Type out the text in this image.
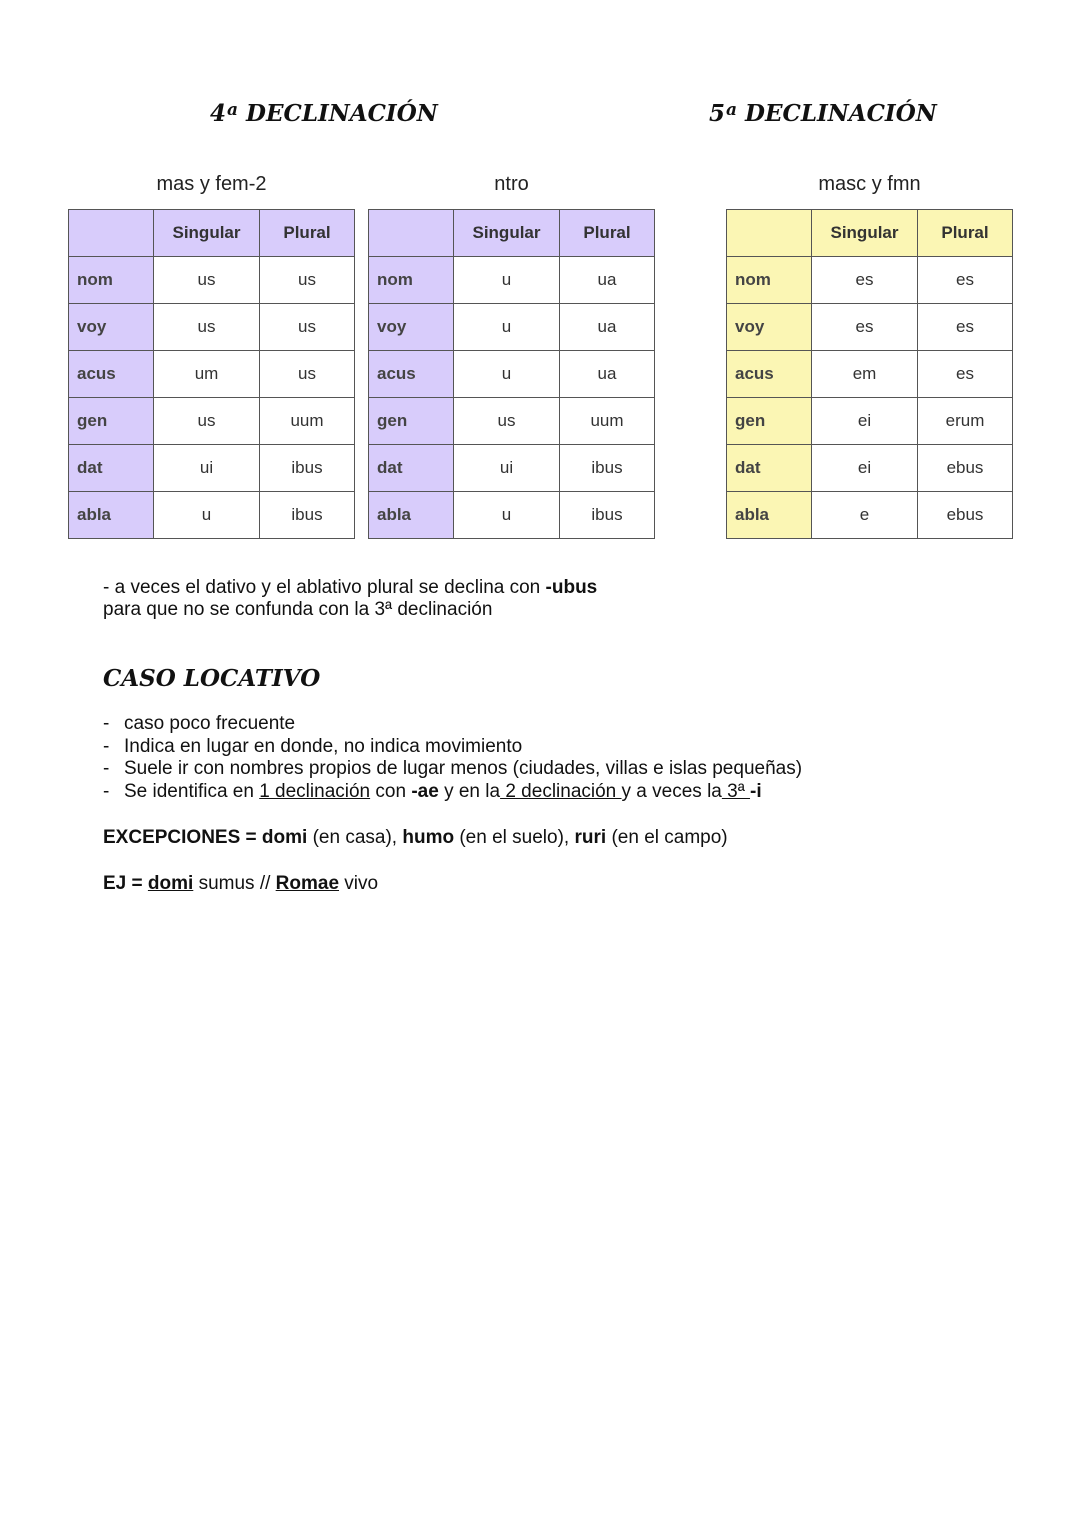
4$^a$ DECLINACIÓN	5$^a$ DECLINACIÓN
mas y fem-2	ntro	masc y fmn
	Singular	Plural
nom	us	us
voy	us	us
acus	um	us
gen	us	uum
dat	ui	ibus
abla	u	ibus
	Singular	Plural
nom	u	ua
voy	u	ua
acus	u	ua
gen	us	uum
dat	ui	ibus
abla	u	ibus
	Singular	Plural
nom	es	es
voy	es	es
acus	em	es
gen	ei	erum
dat	ei	ebus
abla	e	ebus
- a veces el dativo y el ablativo plural se declina con -ubus
para que no se confunda con la 3ª declinación
CASO LOCATIVO
- caso poco frecuente
- Indica en lugar en donde, no indica movimiento
- Suele ir con nombres propios de lugar menos (ciudades, villas e islas pequeñas)
- Se identifica en 1 declinación con -ae y en la 2 declinación y a veces la 3ª -i
EXCEPCIONES = domi (en casa), humo (en el suelo), ruri (en el campo)
EJ = domi sumus // Romae vivo
